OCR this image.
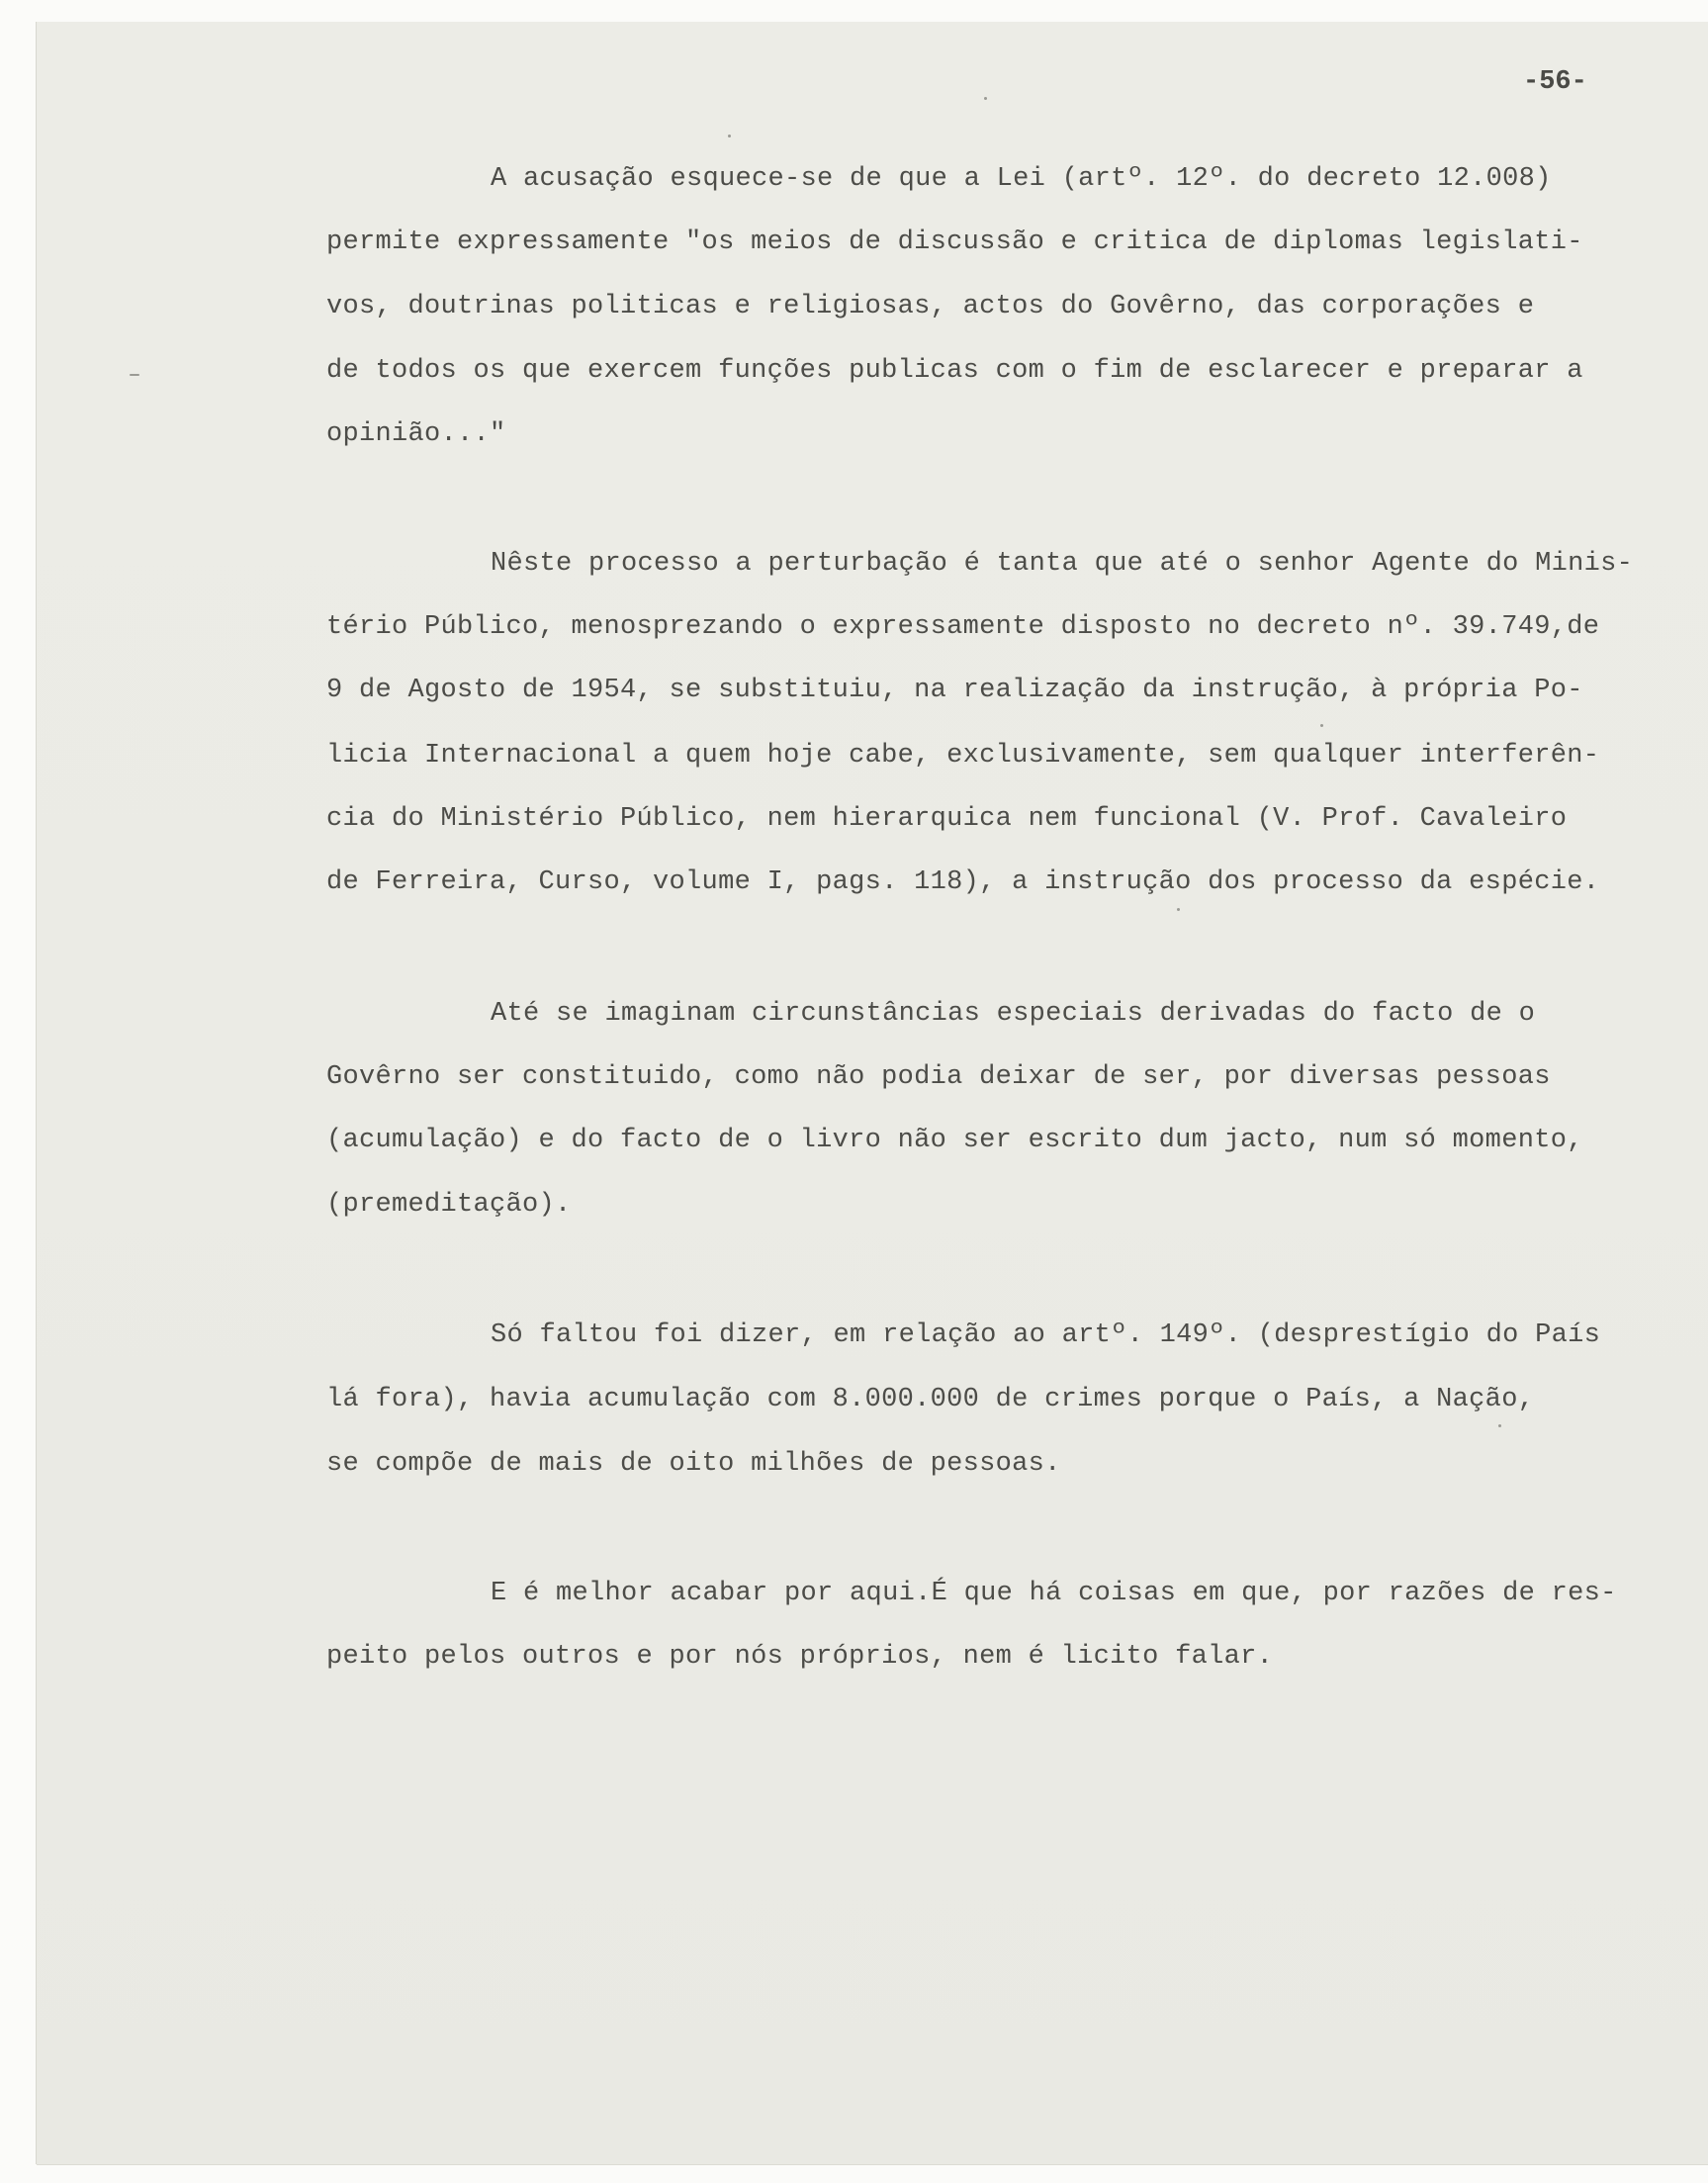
-56-

A acusação esquece-se de que a Lei (artº. 12º. do decreto 12.008)

permite expressamente "os meios de discussão e critica de diplomas legislati-

vos, doutrinas politicas e religiosas, actos do Govêrno, das corporações e

de todos os que exercem funções publicas com o fim de esclarecer e preparar a

opinião..."

Nêste processo a perturbação é tanta que até o senhor Agente do Minis-

tério Público, menosprezando o expressamente disposto no decreto nº. 39.749,de

9 de Agosto de 1954, se substituiu, na realização da instrução, à própria Po-

licia Internacional a quem hoje cabe, exclusivamente, sem qualquer interferên-

cia do Ministério Público, nem hierarquica nem funcional (V. Prof. Cavaleiro

de Ferreira, Curso, volume I, pags. 118), a instrução dos processo da espécie.

Até se imaginam circunstâncias especiais derivadas do facto de o

Govêrno ser constituido, como não podia deixar de ser, por diversas pessoas

(acumulação) e do facto de o livro não ser escrito dum jacto, num só momento,

(premeditação).

Só faltou foi dizer, em relação ao artº. 149º. (desprestígio do País

lá fora), havia acumulação com 8.000.000 de crimes porque o País, a Nação,

se compõe de mais de oito milhões de pessoas.

E é melhor acabar por aqui.É que há coisas em que, por razões de res-

peito pelos outros e por nós próprios, nem é licito falar.
